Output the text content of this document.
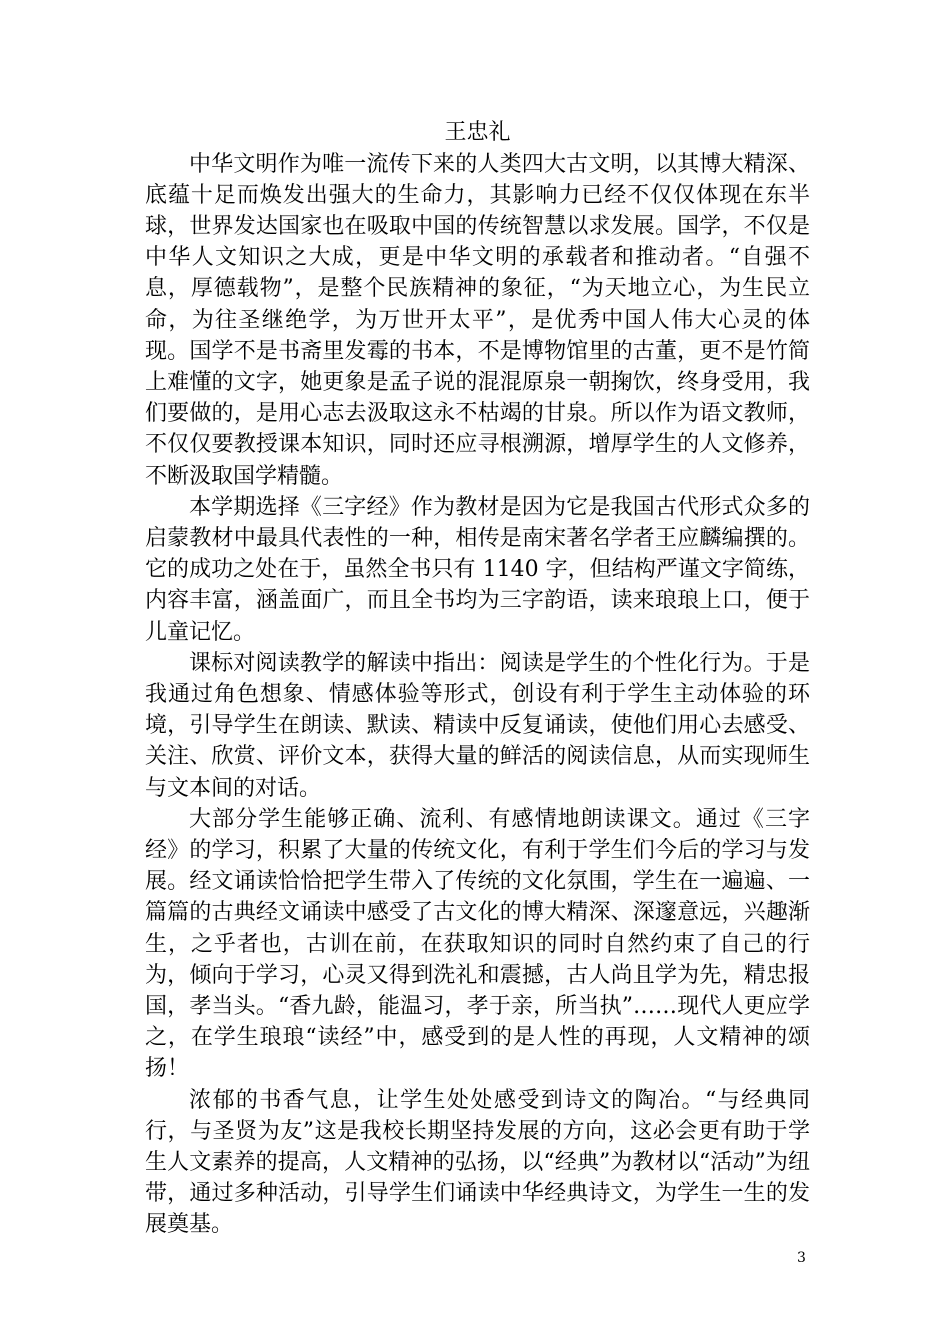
王忠礼

中华文明作为唯一流传下来的人类四大古文明，以其博大精深、底蕴十足而焕发出强大的生命力，其影响力已经不仅仅体现在东半球，世界发达国家也在吸取中国的传统智慧以求发展。国学，不仅是中华人文知识之大成，更是中华文明的承载者和推动者。“自强不息，厚德载物”，是整个民族精神的象征，“为天地立心，为生民立命，为往圣继绝学，为万世开太平”，是优秀中国人伟大心灵的体现。国学不是书斋里发霉的书本，不是博物馆里的古董，更不是竹简上难懂的文字，她更象是孟子说的混混原泉一朝掬饮，终身受用，我们要做的，是用心志去汲取这永不枯竭的甘泉。所以作为语文教师，不仅仅要教授课本知识，同时还应寻根溯源，增厚学生的人文修养，不断汲取国学精髓。

本学期选择《三字经》作为教材是因为它是我国古代形式众多的启蒙教材中最具代表性的一种，相传是南宋著名学者王应麟编撰的。它的成功之处在于，虽然全书只有 1140 字，但结构严谨文字简练，内容丰富，涵盖面广，而且全书均为三字韵语，读来琅琅上口，便于儿童记忆。

课标对阅读教学的解读中指出：阅读是学生的个性化行为。于是我通过角色想象、情感体验等形式，创设有利于学生主动体验的环境，引导学生在朗读、默读、精读中反复诵读，使他们用心去感受、关注、欣赏、评价文本，获得大量的鲜活的阅读信息，从而实现师生与文本间的对话。

大部分学生能够正确、流利、有感情地朗读课文。通过《三字经》的学习，积累了大量的传统文化，有利于学生们今后的学习与发展。经文诵读恰恰把学生带入了传统的文化氛围，学生在一遍遍、一篇篇的古典经文诵读中感受了古文化的博大精深、深邃意远，兴趣渐生，之乎者也，古训在前，在获取知识的同时自然约束了自己的行为，倾向于学习，心灵又得到洗礼和震撼，古人尚且学为先，精忠报国，孝当头。“香九龄，能温习，孝于亲，所当执”……现代人更应学之，在学生琅琅“读经”中，感受到的是人性的再现，人文精神的颂扬！

浓郁的书香气息，让学生处处感受到诗文的陶冶。“与经典同行，与圣贤为友”这是我校长期坚持发展的方向，这必会更有助于学生人文素养的提高，人文精神的弘扬，以“经典”为教材以“活动”为纽带，通过多种活动，引导学生们诵读中华经典诗文，为学生一生的发展奠基。

3
